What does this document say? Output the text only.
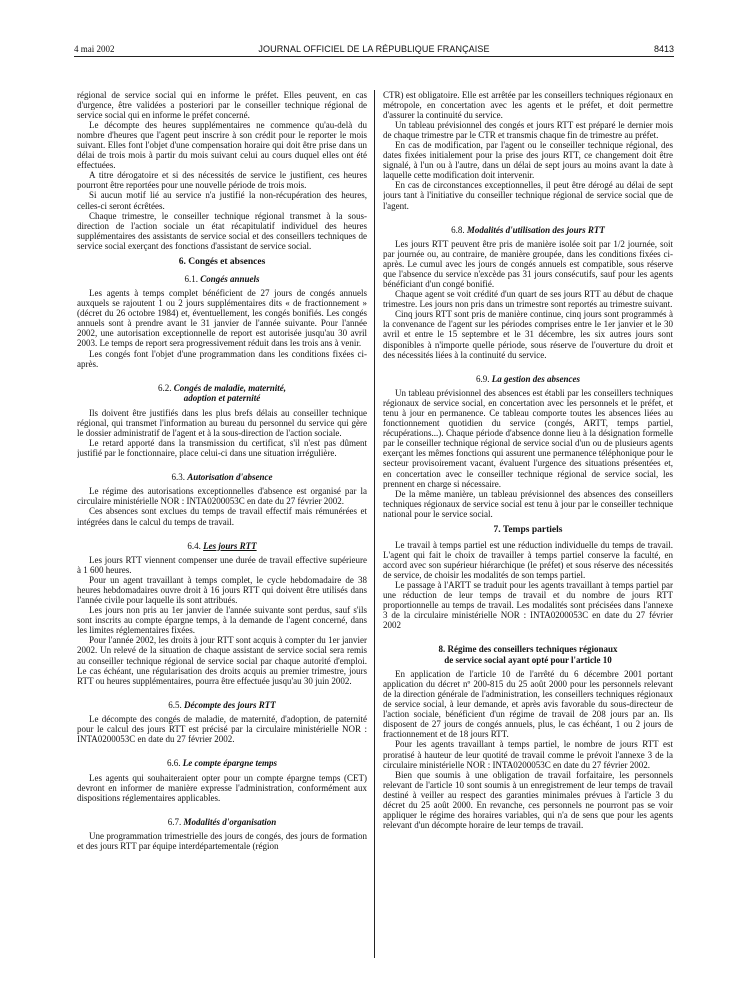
4 mai 2002	JOURNAL OFFICIEL DE LA RÉPUBLIQUE FRANÇAISE	8413

régional de service social qui en informe le préfet. Elles peuvent, en cas d'urgence, être validées a posteriori par le conseiller technique régional de service social qui en informe le préfet concerné.

Le décompte des heures supplémentaires ne commence qu'au-delà du nombre d'heures que l'agent peut inscrire à son crédit pour le reporter le mois suivant. Elles font l'objet d'une compensation horaire qui doit être prise dans un délai de trois mois à partir du mois suivant celui au cours duquel elles ont été effectuées.

A titre dérogatoire et si des nécessités de service le justifient, ces heures pourront être reportées pour une nouvelle période de trois mois.

Si aucun motif lié au service n'a justifié la non-récupération des heures, celles-ci seront écrêtées.

Chaque trimestre, le conseiller technique régional transmet à la sous-direction de l'action sociale un état récapitulatif individuel des heures supplémentaires des assistants de service social et des conseillers techniques de service social exerçant des fonctions d'assistant de service social.

6. Congés et absences
6.1. Congés annuels

Les agents à temps complet bénéficient de 27 jours de congés annuels auxquels se rajoutent 1 ou 2 jours supplémentaires dits « de fractionnement » (décret du 26 octobre 1984) et, éventuellement, les congés bonifiés. Les congés annuels sont à prendre avant le 31 janvier de l'année suivante. Pour l'année 2002, une autorisation exceptionnelle de report est autorisée jusqu'au 30 avril 2003. Le temps de report sera progressivement réduit dans les trois ans à venir.

Les congés font l'objet d'une programmation dans les conditions fixées ci-après.

6.2. Congés de maladie, maternité,
adoption et paternité

Ils doivent être justifiés dans les plus brefs délais au conseiller technique régional, qui transmet l'information au bureau du personnel du service qui gère le dossier administratif de l'agent et à la sous-direction de l'action sociale.

Le retard apporté dans la transmission du certificat, s'il n'est pas dûment justifié par le fonctionnaire, place celui-ci dans une situation irrégulière.

6.3. Autorisation d'absence

Le régime des autorisations exceptionnelles d'absence est organisé par la circulaire ministérielle NOR : INTA0200053C en date du 27 février 2002.

Ces absences sont exclues du temps de travail effectif mais rémunérées et intégrées dans le calcul du temps de travail.

6.4. Les jours RTT

Les jours RTT viennent compenser une durée de travail effective supérieure à 1 600 heures.

Pour un agent travaillant à temps complet, le cycle hebdomadaire de 38 heures hebdomadaires ouvre droit à 16 jours RTT qui doivent être utilisés dans l'année civile pour laquelle ils sont attribués.

Les jours non pris au 1er janvier de l'année suivante sont perdus, sauf s'ils sont inscrits au compte épargne temps, à la demande de l'agent concerné, dans les limites réglementaires fixées.

Pour l'année 2002, les droits à jour RTT sont acquis à compter du 1er janvier 2002. Un relevé de la situation de chaque assistant de service social sera remis au conseiller technique régional de service social par chaque autorité d'emploi. Le cas échéant, une régularisation des droits acquis au premier trimestre, jours RTT ou heures supplémentaires, pourra être effectuée jusqu'au 30 juin 2002.

6.5. Décompte des jours RTT

Le décompte des congés de maladie, de maternité, d'adoption, de paternité pour le calcul des jours RTT est précisé par la circulaire ministérielle NOR : INTA0200053C en date du 27 février 2002.

6.6. Le compte épargne temps

Les agents qui souhaiteraient opter pour un compte épargne temps (CET) devront en informer de manière expresse l'administration, conformément aux dispositions réglementaires applicables.

6.7. Modalités d'organisation

Une programmation trimestrielle des jours de congés, des jours de formation et des jours RTT par équipe interdépartementale (région

CTR) est obligatoire. Elle est arrêtée par les conseillers techniques régionaux en métropole, en concertation avec les agents et le préfet, et doit permettre d'assurer la continuité du service.

Un tableau prévisionnel des congés et jours RTT est préparé le dernier mois de chaque trimestre par le CTR et transmis chaque fin de trimestre au préfet.

En cas de modification, par l'agent ou le conseiller technique régional, des dates fixées initialement pour la prise des jours RTT, ce changement doit être signalé, à l'un ou à l'autre, dans un délai de sept jours au moins avant la date à laquelle cette modification doit intervenir.

En cas de circonstances exceptionnelles, il peut être dérogé au délai de sept jours tant à l'initiative du conseiller technique régional de service social que de l'agent.

6.8. Modalités d'utilisation des jours RTT

Les jours RTT peuvent être pris de manière isolée soit par 1/2 journée, soit par journée ou, au contraire, de manière groupée, dans les conditions fixées ci-après. Le cumul avec les jours de congés annuels est compatible, sous réserve que l'absence du service n'excède pas 31 jours consécutifs, sauf pour les agents bénéficiant d'un congé bonifié.

Chaque agent se voit crédité d'un quart de ses jours RTT au début de chaque trimestre. Les jours non pris dans un trimestre sont reportés au trimestre suivant.

Cinq jours RTT sont pris de manière continue, cinq jours sont programmés à la convenance de l'agent sur les périodes comprises entre le 1er janvier et le 30 avril et entre le 15 septembre et le 31 décembre, les six autres jours sont disponibles à n'importe quelle période, sous réserve de l'ouverture du droit et des nécessités liées à la continuité du service.

6.9. La gestion des absences

Un tableau prévisionnel des absences est établi par les conseillers techniques régionaux de service social, en concertation avec les personnels et le préfet, et tenu à jour en permanence. Ce tableau comporte toutes les absences liées au fonctionnement quotidien du service (congés, ARTT, temps partiel, récupérations...). Chaque période d'absence donne lieu à la désignation formelle par le conseiller technique régional de service social d'un ou de plusieurs agents exerçant les mêmes fonctions qui assurent une permanence téléphonique pour le secteur provisoirement vacant, évaluent l'urgence des situations présentées et, en concertation avec le conseiller technique régional de service social, les prennent en charge si nécessaire.

De la même manière, un tableau prévisionnel des absences des conseillers techniques régionaux de service social est tenu à jour par le conseiller technique national pour le service social.

7. Temps partiels

Le travail à temps partiel est une réduction individuelle du temps de travail. L'agent qui fait le choix de travailler à temps partiel conserve la faculté, en accord avec son supérieur hiérarchique (le préfet) et sous réserve des nécessités de service, de choisir les modalités de son temps partiel.

Le passage à l'ARTT se traduit pour les agents travaillant à temps partiel par une réduction de leur temps de travail et du nombre de jours RTT proportionnelle au temps de travail. Les modalités sont précisées dans l'annexe 3 de la circulaire ministérielle NOR : INTA0200053C en date du 27 février 2002

8. Régime des conseillers techniques régionaux
de service social ayant opté pour l'article 10

En application de l'article 10 de l'arrêté du 6 décembre 2001 portant application du décret nº 200-815 du 25 août 2000 pour les personnels relevant de la direction générale de l'administration, les conseillers techniques régionaux de service social, à leur demande, et après avis favorable du sous-directeur de l'action sociale, bénéficient d'un régime de travail de 208 jours par an. Ils disposent de 27 jours de congés annuels, plus, le cas échéant, 1 ou 2 jours de fractionnement et de 18 jours RTT.

Pour les agents travaillant à temps partiel, le nombre de jours RTT est proratisé à hauteur de leur quotité de travail comme le prévoit l'annexe 3 de la circulaire ministérielle NOR : INTA0200053C en date du 27 février 2002.

Bien que soumis à une obligation de travail forfaitaire, les personnels relevant de l'article 10 sont soumis à un enregistrement de leur temps de travail destiné à veiller au respect des garanties minimales prévues à l'article 3 du décret du 25 août 2000. En revanche, ces personnels ne pourront pas se voir appliquer le régime des horaires variables, qui n'a de sens que pour les agents relevant d'un décompte horaire de leur temps de travail.
